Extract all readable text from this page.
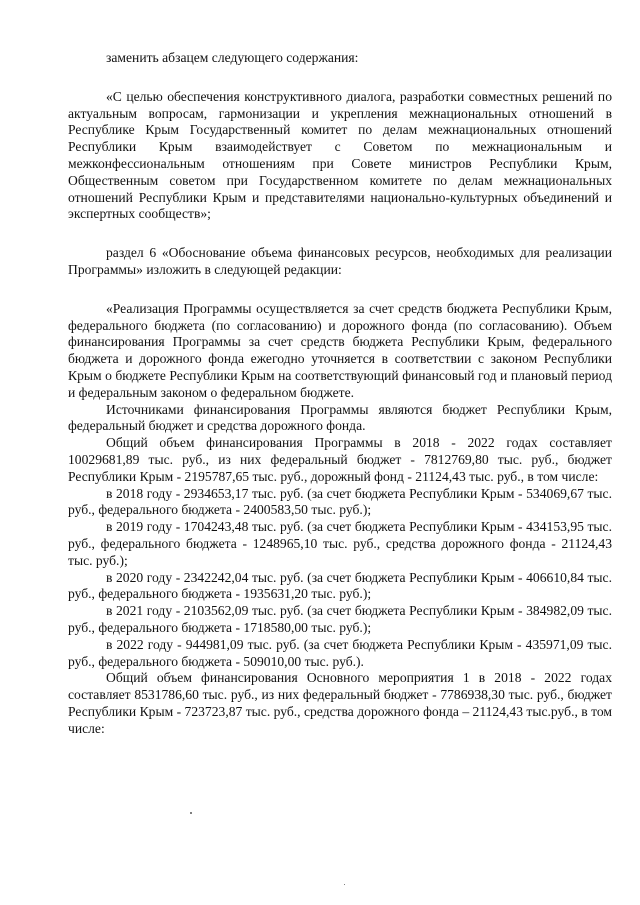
заменить абзацем следующего содержания:

«С целью обеспечения конструктивного диалога, разработки совместных решений по актуальным вопросам, гармонизации и укрепления межнациональных отношений в Республике Крым Государственный комитет по делам межнациональных отношений Республики Крым взаимодействует с Советом по межнациональным и межконфессиональным отношениям при Совете министров Республики Крым, Общественным советом при Государственном комитете по делам межнациональных отношений Республики Крым и представителями национально-культурных объединений и экспертных сообществ»;

раздел 6 «Обоснование объема финансовых ресурсов, необходимых для реализации Программы» изложить в следующей редакции:

«Реализация Программы осуществляется за счет средств бюджета Республики Крым, федерального бюджета (по согласованию) и дорожного фонда (по согласованию). Объем финансирования Программы за счет средств бюджета Республики Крым, федерального бюджета и дорожного фонда ежегодно уточняется в соответствии с законом Республики Крым о бюджете Республики Крым на соответствующий финансовый год и плановый период и федеральным законом о федеральном бюджете.

Источниками финансирования Программы являются бюджет Республики Крым, федеральный бюджет и средства дорожного фонда.

Общий объем финансирования Программы в 2018 - 2022 годах составляет 10029681,89 тыс. руб., из них федеральный бюджет - 7812769,80 тыс. руб., бюджет Республики Крым - 2195787,65 тыс. руб., дорожный фонд - 21124,43 тыс. руб., в том числе:

в 2018 году - 2934653,17 тыс. руб. (за счет бюджета Республики Крым - 534069,67 тыс. руб., федерального бюджета - 2400583,50 тыс. руб.);

в 2019 году - 1704243,48 тыс. руб. (за счет бюджета Республики Крым - 434153,95 тыс. руб., федерального бюджета - 1248965,10 тыс. руб., средства дорожного фонда - 21124,43 тыс. руб.);

в 2020 году - 2342242,04 тыс. руб. (за счет бюджета Республики Крым - 406610,84 тыс. руб., федерального бюджета - 1935631,20 тыс. руб.);

в 2021 году - 2103562,09 тыс. руб. (за счет бюджета Республики Крым - 384982,09 тыс. руб., федерального бюджета - 1718580,00 тыс. руб.);

в 2022 году - 944981,09 тыс. руб. (за счет бюджета Республики Крым - 435971,09 тыс. руб., федерального бюджета - 509010,00 тыс. руб.).

Общий объем финансирования Основного мероприятия 1 в 2018 - 2022 годах составляет 8531786,60 тыс. руб., из них федеральный бюджет - 7786938,30 тыс. руб., бюджет Республики Крым - 723723,87 тыс. руб., средства дорожного фонда – 21124,43 тыс.руб., в том числе:
